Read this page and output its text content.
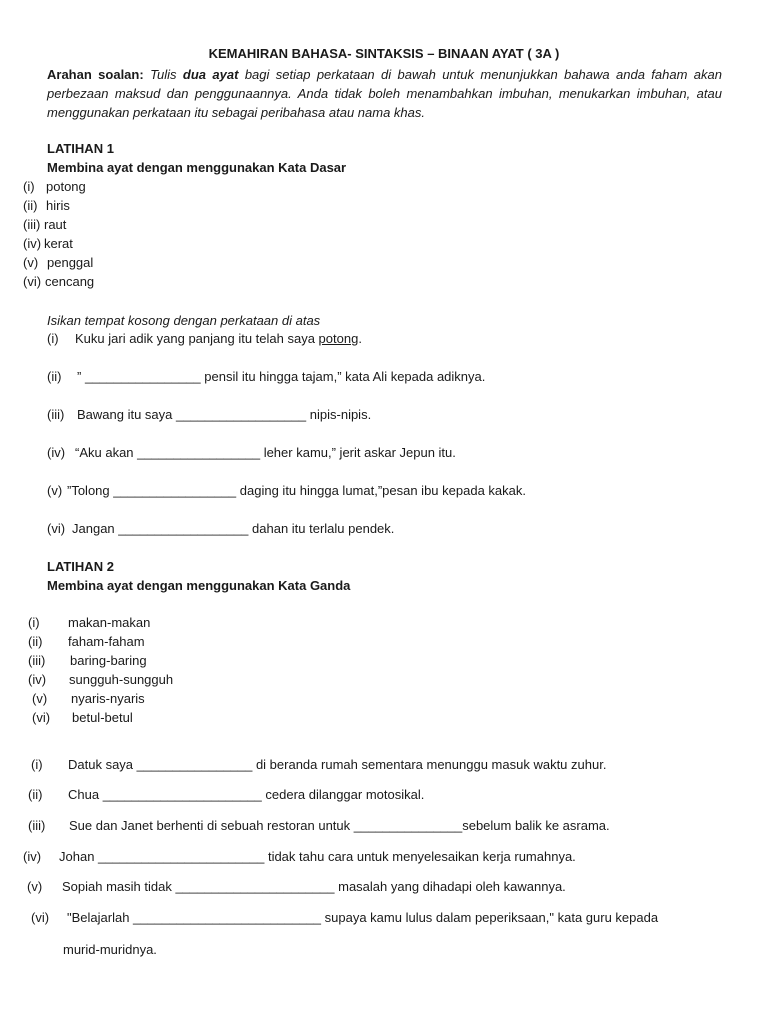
KEMAHIRAN BAHASA- SINTAKSIS – BINAAN AYAT ( 3A )
Arahan soalan: Tulis dua ayat bagi setiap perkataan di bawah untuk menunjukkan bahawa anda faham akan perbezaan maksud dan penggunaannya. Anda tidak boleh menambahkan imbuhan, menukarkan imbuhan, atau menggunakan perkataan itu sebagai peribahasa atau nama khas.
LATIHAN 1
Membina ayat dengan menggunakan Kata Dasar
(i) potong
(ii) hiris
(iii) raut
(iv) kerat
(v) penggal
(vi) cencang
Isikan tempat kosong dengan perkataan di atas
(i) Kuku jari adik yang panjang itu telah saya potong.
(ii) ” ________________ pensil itu hingga tajam,” kata Ali kepada adiknya.
(iii) Bawang itu saya __________________ nipis-nipis.
(iv) “Aku akan _________________ leher kamu,” jerit askar Jepun itu.
(v) ”Tolong _________________ daging itu hingga lumat,”pesan ibu kepada kakak.
(vi) Jangan __________________ dahan itu terlalu pendek.
LATIHAN 2
Membina ayat dengan menggunakan Kata Ganda
(i) makan-makan
(ii) faham-faham
(iii) baring-baring
(iv) sungguh-sungguh
(v) nyaris-nyaris
(vi) betul-betul
(i) Datuk saya ________________ di beranda rumah sementara menunggu masuk waktu zuhur.
(ii) Chua ______________________ cedera dilanggar motosikal.
(iii) Sue dan Janet berhenti di sebuah restoran untuk _______________sebelum balik ke asrama.
(iv) Johan _______________________ tidak tahu cara untuk menyelesaikan kerja rumahnya.
(v) Sopiah masih tidak ______________________ masalah yang dihadapi oleh kawannya.
(vi) "Belajarlah __________________________ supaya kamu lulus dalam peperiksaan," kata guru kepada
murid-muridnya.
